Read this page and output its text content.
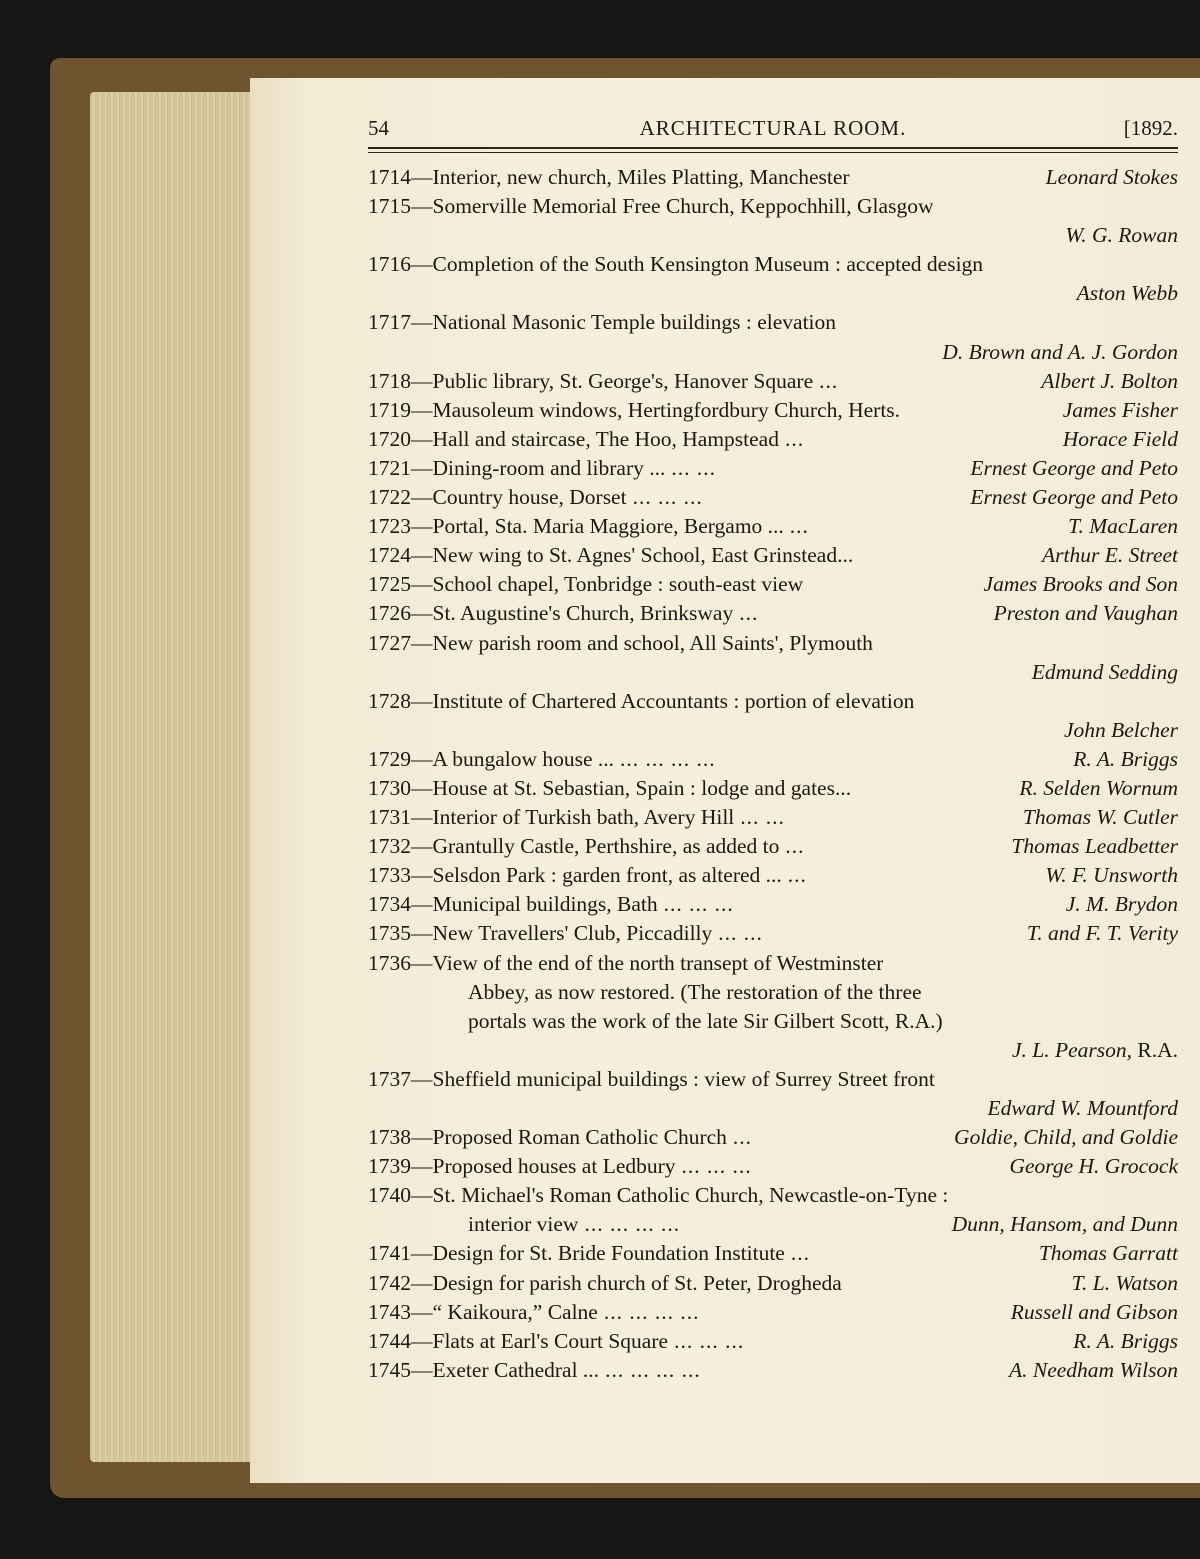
54	ARCHITECTURAL ROOM.	[1892.
1714—Interior, new church, Miles Platting, Manchester	Leonard Stokes
1715—Somerville Memorial Free Church, Keppochhill, Glasgow
W. G. Rowan
1716—Completion of the South Kensington Museum : accepted design
Aston Webb
1717—National Masonic Temple buildings : elevation
D. Brown and A. J. Gordon
1718—Public library, St. George's, Hanover Square ...	Albert J. Bolton
1719—Mausoleum windows, Hertingfordbury Church, Herts.	James Fisher
1720—Hall and staircase, The Hoo, Hampstead ...	Horace Field
1721—Dining-room and library ... ... ...	Ernest George and Peto
1722—Country house, Dorset ... ... ...	Ernest George and Peto
1723—Portal, Sta. Maria Maggiore, Bergamo ... ...	T. MacLaren
1724—New wing to St. Agnes' School, East Grinstead...	Arthur E. Street
1725—School chapel, Tonbridge : south-east view	James Brooks and Son
1726—St. Augustine's Church, Brinksway ...	Preston and Vaughan
1727—New parish room and school, All Saints', Plymouth
Edmund Sedding
1728—Institute of Chartered Accountants : portion of elevation
John Belcher
1729—A bungalow house ... ... ... ... ...	R. A. Briggs
1730—House at St. Sebastian, Spain : lodge and gates...	R. Selden Wornum
1731—Interior of Turkish bath, Avery Hill ... ...	Thomas W. Cutler
1732—Grantully Castle, Perthshire, as added to ...	Thomas Leadbetter
1733—Selsdon Park : garden front, as altered ... ...	W. F. Unsworth
1734—Municipal buildings, Bath ... ... ...	J. M. Brydon
1735—New Travellers' Club, Piccadilly ... ...	T. and F. T. Verity
1736—View of the end of the north transept of Westminster
Abbey, as now restored. (The restoration of the three
portals was the work of the late Sir Gilbert Scott, R.A.)
J. L. Pearson, R.A.
1737—Sheffield municipal buildings : view of Surrey Street front
Edward W. Mountford
1738—Proposed Roman Catholic Church ...	Goldie, Child, and Goldie
1739—Proposed houses at Ledbury ... ... ...	George H. Grocock
1740—St. Michael's Roman Catholic Church, Newcastle-on-Tyne :
interior view ... ... ... ...	Dunn, Hansom, and Dunn
1741—Design for St. Bride Foundation Institute ...	Thomas Garratt
1742—Design for parish church of St. Peter, Drogheda	T. L. Watson
1743—“ Kaikoura,” Calne ... ... ... ...	Russell and Gibson
1744—Flats at Earl's Court Square ... ... ...	R. A. Briggs
1745—Exeter Cathedral ... ... ... ... ...	A. Needham Wilson
